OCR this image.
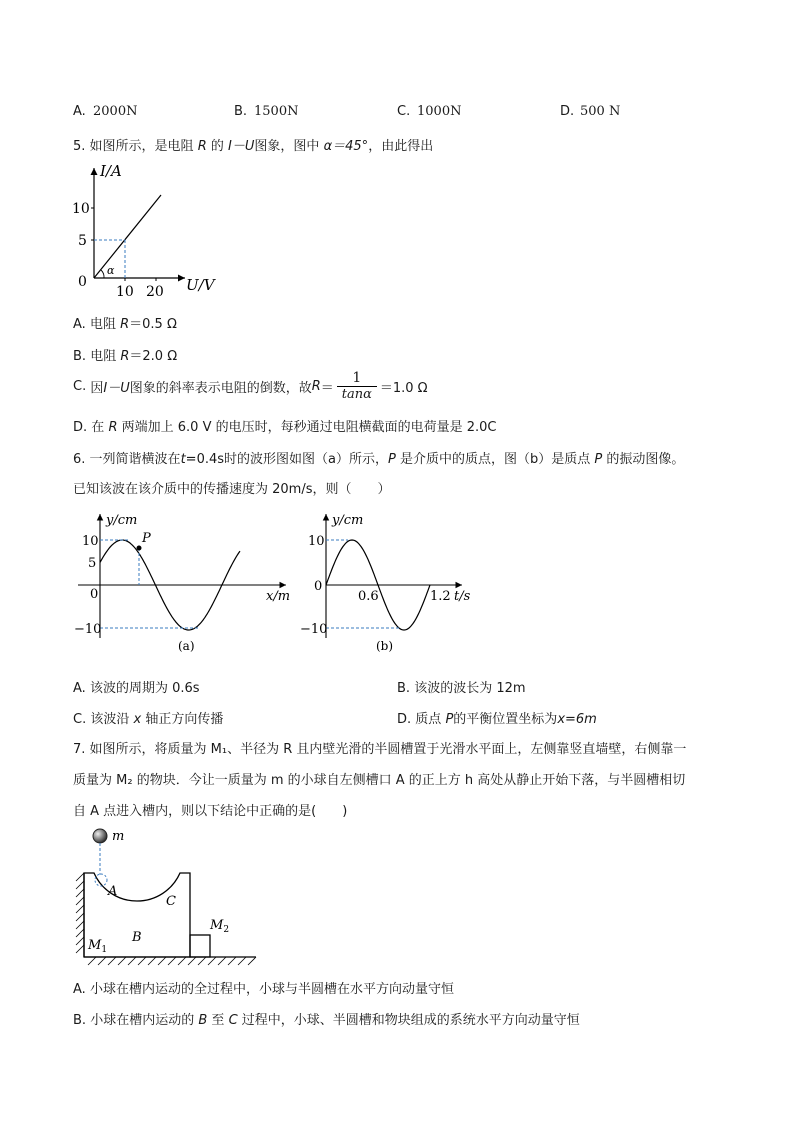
A. 2000N	B. 1500N	C. 1000N	D. 500 N
5. 如图所示，是电阻 R 的 I－U图象，图中 α＝45°，由此得出
α
I/A
U/V
10
5
0
10 20
A. 电阻 R＝0.5 Ω
B. 电阻 R＝2.0 Ω
C.
因 I－U 图象的斜率表示电阻的倒数，故 R ＝
1
tanα ＝1.0 Ω
D. 在 R 两端加上 6.0 V 的电压时，每秒通过电阻横截面的电荷量是 2.0C
6. 一列简谐横波在t=0.4s时的波形图如图（a）所示，P 是介质中的质点，图（b）是质点 P 的振动图像。
已知该波在该介质中的传播速度为 20m/s，则（　　）
P
y/cm
x/m
10
5
0
−10
(a)
y/cm
t/s
10
0
−10
0.6	1.2
(b)
A. 该波的周期为 0.6s	B. 该波的波长为 12m
C. 该波沿 x 轴正方向传播	D. 质点 P的平衡位置坐标为x=6m
7. 如图所示，将质量为 M₁、半径为 R 且内壁光滑的半圆槽置于光滑水平面上，左侧靠竖直墙壁，右侧靠一
质量为 M₂ 的物块．今让一质量为 m 的小球自左侧槽口 A 的正上方 h 高处从静止开始下落，与半圆槽相切
自 A 点进入槽内，则以下结论中正确的是(　　)
m
A
B
C
$M_1$
$M_2$
A. 小球在槽内运动的全过程中，小球与半圆槽在水平方向动量守恒
B. 小球在槽内运动的 B 至 C 过程中，小球、半圆槽和物块组成的系统水平方向动量守恒
